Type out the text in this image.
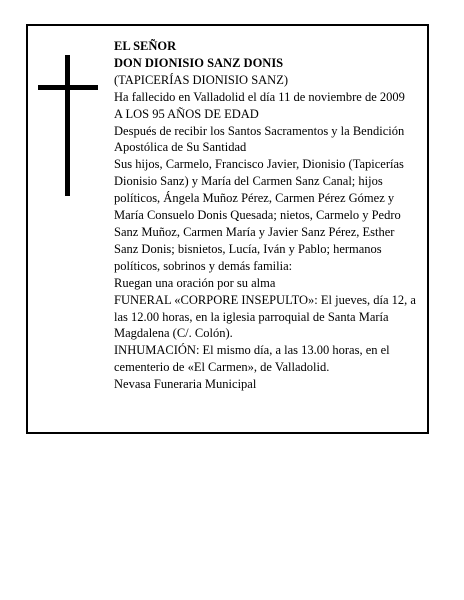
EL SEÑOR

DON DIONISIO SANZ DONIS

(TAPICERÍAS DIONISIO SANZ)

Ha fallecido en Valladolid el día 11 de noviembre de 2009

A LOS 95 AÑOS DE EDAD

Después de recibir los Santos Sacramentos y la Bendición Apostólica de Su Santidad

Sus hijos, Carmelo, Francisco Javier, Dionisio (Tapicerías Dionisio Sanz) y María del Carmen Sanz Canal; hijos políticos, Ángela Muñoz Pérez, Carmen Pérez Gómez y María Consuelo Donis Quesada; nietos, Carmelo y Pedro Sanz Muñoz, Carmen María y Javier Sanz Pérez, Esther Sanz Donis; bisnietos, Lucía, Iván y Pablo; hermanos políticos, sobrinos y demás familia:

Ruegan una oración por su alma

FUNERAL «CORPORE INSEPULTO»: El jueves, día 12, a las 12.00 horas, en la iglesia parroquial de Santa María Magdalena (C/. Colón).

INHUMACIÓN: El mismo día, a las 13.00 horas, en el cementerio de «El Carmen», de Valladolid.

Nevasa Funeraria Municipal
